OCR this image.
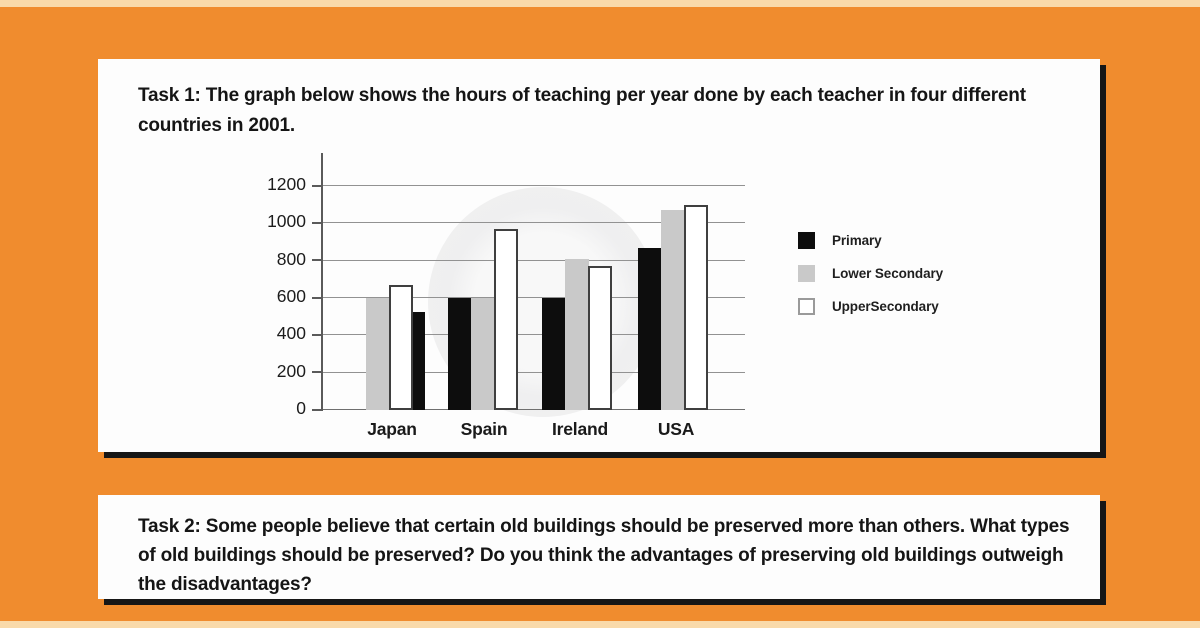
Task 1: The graph below shows the hours of teaching per year done by each teacher in four different countries in 2001.

0
200
400
600
800
1000
1200
Japan	Spain	Ireland	USA
Primary
Lower Secondary
UpperSecondary

Task 2: Some people believe that certain old buildings should be preserved more than others. What types of old buildings should be preserved? Do you think the advantages of preserving old buildings outweigh the disadvantages?
